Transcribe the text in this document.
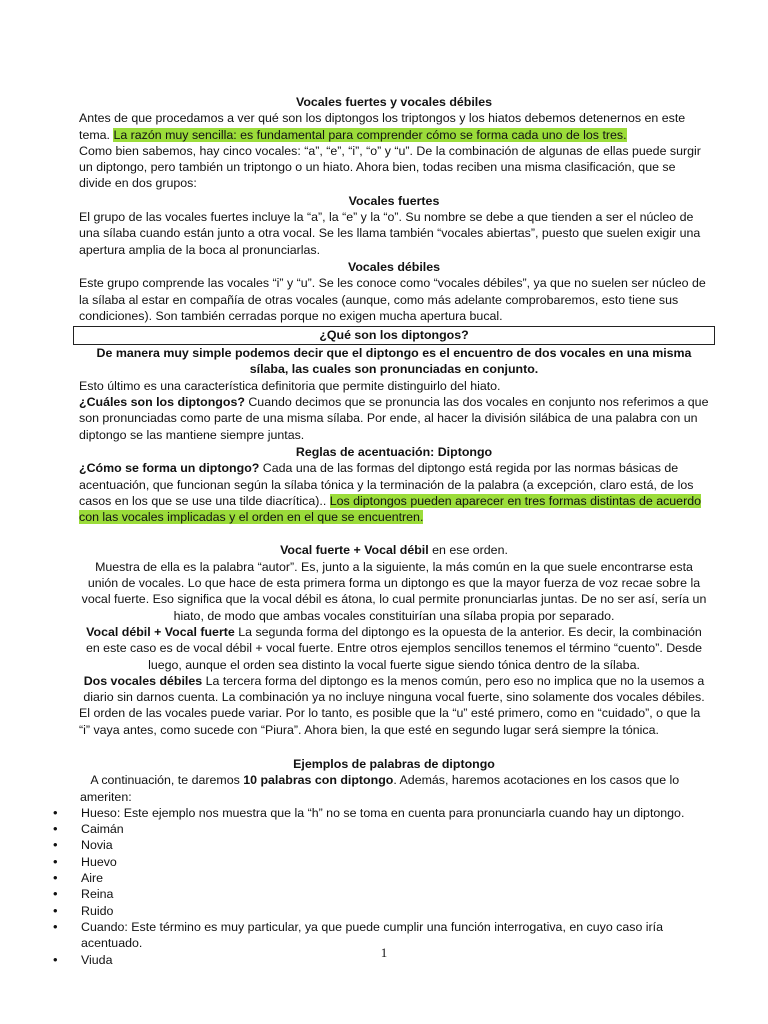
Vocales fuertes y vocales débiles

Antes de que procedamos a ver qué son los diptongos los triptongos y los hiatos debemos detenernos en este tema. La razón muy sencilla: es fundamental para comprender cómo se forma cada uno de los tres.

Como bien sabemos, hay cinco vocales: “a”, “e”, “i”, “o” y “u”. De la combinación de algunas de ellas puede surgir un diptongo, pero también un triptongo o un hiato. Ahora bien, todas reciben una misma clasificación, que se divide en dos grupos:

Vocales fuertes

El grupo de las vocales fuertes incluye la “a”, la “e” y la “o”. Su nombre se debe a que tienden a ser el núcleo de una sílaba cuando están junto a otra vocal. Se les llama también “vocales abiertas”, puesto que suelen exigir una apertura amplia de la boca al pronunciarlas.

Vocales débiles

Este grupo comprende las vocales “i” y “u”. Se les conoce como “vocales débiles”, ya que no suelen ser núcleo de la sílaba al estar en compañía de otras vocales (aunque, como más adelante comprobaremos, esto tiene sus condiciones). Son también cerradas porque no exigen mucha apertura bucal.

¿Qué son los diptongos?

De manera muy simple podemos decir que el diptongo es el encuentro de dos vocales en una misma sílaba, las cuales son pronunciadas en conjunto.

Esto último es una característica definitoria que permite distinguirlo del hiato.

¿Cuáles son los diptongos? Cuando decimos que se pronuncia las dos vocales en conjunto nos referimos a que son pronunciadas como parte de una misma sílaba. Por ende, al hacer la división silábica de una palabra con un diptongo se las mantiene siempre juntas.

Reglas de acentuación: Diptongo

¿Cómo se forma un diptongo? Cada una de las formas del diptongo está regida por las normas básicas de acentuación, que funcionan según la sílaba tónica y la terminación de la palabra (a excepción, claro está, de los casos en los que se use una tilde diacrítica).. Los diptongos pueden aparecer en tres formas distintas de acuerdo con las vocales implicadas y el orden en el que se encuentren.

Vocal fuerte + Vocal débil en ese orden.

Muestra de ella es la palabra “autor”. Es, junto a la siguiente, la más común en la que suele encontrarse esta unión de vocales. Lo que hace de esta primera forma un diptongo es que la mayor fuerza de voz recae sobre la vocal fuerte. Eso significa que la vocal débil es átona, lo cual permite pronunciarlas juntas. De no ser así, sería un hiato, de modo que ambas vocales constituirían una sílaba propia por separado.

Vocal débil + Vocal fuerte La segunda forma del diptongo es la opuesta de la anterior. Es decir, la combinación en este caso es de vocal débil + vocal fuerte. Entre otros ejemplos sencillos tenemos el término “cuento”. Desde luego, aunque el orden sea distinto la vocal fuerte sigue siendo tónica dentro de la sílaba.

Dos vocales débiles La tercera forma del diptongo es la menos común, pero eso no implica que no la usemos a diario sin darnos cuenta. La combinación ya no incluye ninguna vocal fuerte, sino solamente dos vocales débiles.

El orden de las vocales puede variar. Por lo tanto, es posible que la “u” esté primero, como en “cuidado”, o que la “i” vaya antes, como sucede con “Piura”. Ahora bien, la que esté en segundo lugar será siempre la tónica.

Ejemplos de palabras de diptongo

A continuación, te daremos 10 palabras con diptongo. Además, haremos acotaciones en los casos que lo ameriten:

• Hueso: Este ejemplo nos muestra que la “h” no se toma en cuenta para pronunciarla cuando hay un diptongo.
• Caimán
• Novia
• Huevo
• Aire
• Reina
• Ruido
• Cuando: Este término es muy particular, ya que puede cumplir una función interrogativa, en cuyo caso iría acentuado.
• Viuda	1
